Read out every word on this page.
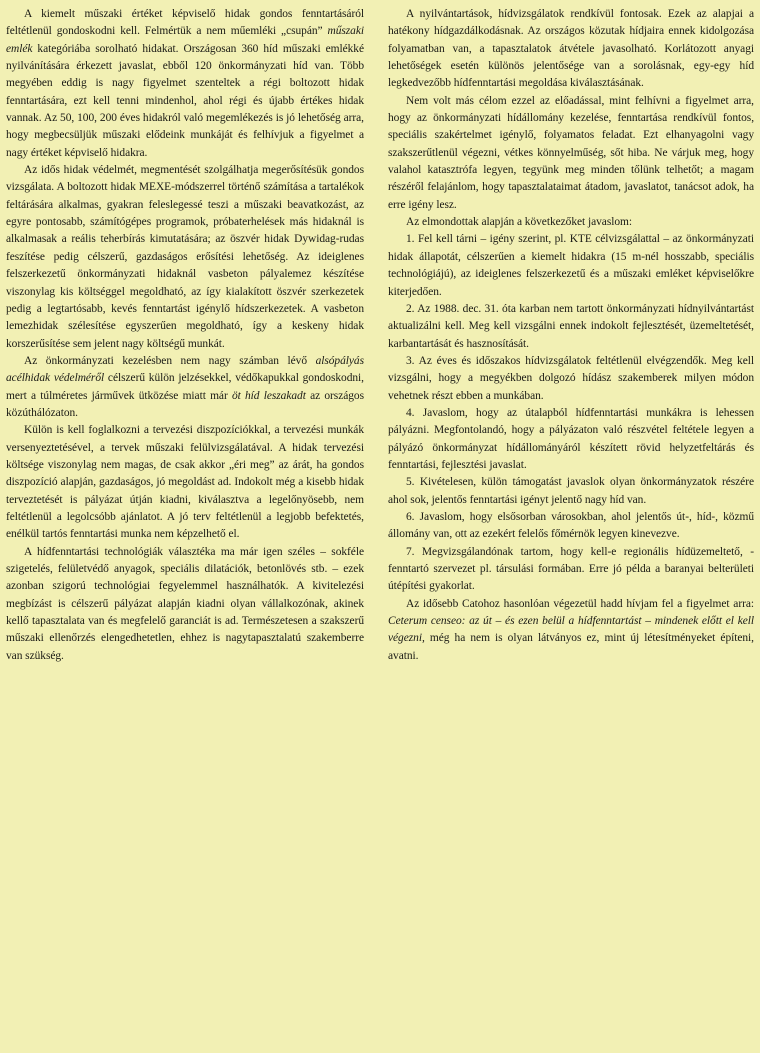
A kiemelt műszaki értéket képviselő hidak gondos fenntartásáról feltétlenül gondoskodni kell. Felmértük a nem műemléki „csupán” műszaki emlék kategóriába sorolható hidakat. Országosan 360 híd műszaki emlékké nyilvánítására érkezett javaslat, ebből 120 önkormányzati híd van. Több megyében eddig is nagy figyelmet szenteltek a régi boltozott hidak fenntartására, ezt kell tenni mindenhol, ahol régi és újabb értékes hidak vannak. Az 50, 100, 200 éves hidakról való megemlékezés is jó lehetőség arra, hogy megbecsüljük műszaki elődeink munkáját és felhívjuk a figyelmet a nagy értéket képviselő hidakra.

Az idős hidak védelmét, megmentését szolgálhatja megerősítésük gondos vizsgálata. A boltozott hidak MEXE-módszerrel történő számítása a tartalékok feltárására alkalmas, gyakran feleslegessé teszi a műszaki beavatkozást, az egyre pontosabb, számítógépes programok, próbaterhelések más hidaknál is alkalmasak a reális teherbírás kimutatására; az öszvér hidak Dywidag-rudas feszítése pedig célszerű, gazdaságos erősítési lehetőség. Az ideiglenes felszerkezetű önkormányzati hidaknál vasbeton pályalemez készítése viszonylag kis költséggel megoldható, az így kialakított öszvér szerkezetek pedig a legtartósabb, kevés fenntartást igénylő hídszerkezetek. A vasbeton lemezhidak szélesítése egyszerűen megoldható, így a keskeny hidak korszerűsítése sem jelent nagy költségű munkát.

Az önkormányzati kezelésben nem nagy számban lévő alsópályás acélhidak védelméről célszerű külön jelzésekkel, védőkapukkal gondoskodni, mert a túlméretes járművek ütközése miatt már öt híd leszakadt az országos közúthálózaton.

Külön is kell foglalkozni a tervezési diszpozíciókkal, a tervezési munkák versenyeztetésével, a tervek műszaki felülvizsgálatával. A hidak tervezési költsége viszonylag nem magas, de csak akkor „éri meg” az árát, ha gondos diszpozíció alapján, gazdaságos, jó megoldást ad. Indokolt még a kisebb hidak terveztetését is pályázat útján kiadni, kiválasztva a legelőnyösebb, nem feltétlenül a legolcsóbb ajánlatot. A jó terv feltétlenül a legjobb befektetés, enélkül tartós fenntartási munka nem képzelhető el.

A hídfenntartási technológiák választéka ma már igen széles – sokféle szigetelés, felületvédő anyagok, speciális dilatációk, betonlövés stb. – ezek azonban szigorú technológiai fegyelemmel használhatók. A kivitelezési megbízást is célszerű pályázat alapján kiadni olyan vállalkozónak, akinek kellő tapasztalata van és megfelelő garanciát is ad. Természetesen a szakszerű műszaki ellenőrzés elengedhetetlen, ehhez is nagytapasztalatú szakemberre van szükség.

A nyilvántartások, hídvizsgálatok rendkívül fontosak. Ezek az alapjai a hatékony hídgazdálkodásnak. Az országos közutak hídjaira ennek kidolgozása folyamatban van, a tapasztalatok átvétele javasolható. Korlátozott anyagi lehetőségek esetén különös jelentősége van a sorolásnak, egy-egy híd legkedvezőbb hídfenntartási megoldása kiválasztásának.

Nem volt más célom ezzel az előadással, mint felhívni a figyelmet arra, hogy az önkormányzati hídállomány kezelése, fenntartása rendkívül fontos, speciális szakértelmet igénylő, folyamatos feladat. Ezt elhanyagolni vagy szakszerűtlenül végezni, vétkes könnyelműség, sőt hiba. Ne várjuk meg, hogy valahol katasztrófa legyen, tegyünk meg minden tőlünk telhetőt; a magam részéről felajánlom, hogy tapasztalataimat átadom, javaslatot, tanácsot adok, ha erre igény lesz.

Az elmondottak alapján a következőket javaslom:

1. Fel kell tárni – igény szerint, pl. KTE célvizsgálattal – az önkormányzati hidak állapotát, célszerűen a kiemelt hidakra (15 m-nél hosszabb, speciális technológiájú), az ideiglenes felszerkezetű és a műszaki emléket képviselőkre kiterjedően.

2. Az 1988. dec. 31. óta karban nem tartott önkormányzati hídnyilvántartást aktualizálni kell. Meg kell vizsgálni ennek indokolt fejlesztését, üzemeltetését, karbantartását és hasznosítását.

3. Az éves és időszakos hídvizsgálatok feltétlenül elvégzendők. Meg kell vizsgálni, hogy a megyékben dolgozó hídász szakemberek milyen módon vehetnek részt ebben a munkában.

4. Javaslom, hogy az útalapból hídfenntartási munkákra is lehessen pályázni. Megfontolandó, hogy a pályázaton való részvétel feltétele legyen a pályázó önkormányzat hídállományáról készített rövid helyzetfeltárás és fenntartási, fejlesztési javaslat.

5. Kivételesen, külön támogatást javaslok olyan önkormányzatok részére ahol sok, jelentős fenntartási igényt jelentő nagy híd van.

6. Javaslom, hogy elsősorban városokban, ahol jelentős út-, híd-, közmű állomány van, ott az ezekért felelős főmérnök legyen kinevezve.

7. Megvizsgálandónak tartom, hogy kell-e regionális hídüzemeltető, -fenntartó szervezet pl. társulási formában. Erre jó példa a baranyai belterületi útépítési gyakorlat.

Az idősebb Catohoz hasonlóan végezetül hadd hívjam fel a figyelmet arra: Ceterum censeo: az út – és ezen belül a hídfenntartást – mindenek előtt el kell végezni, még ha nem is olyan látványos ez, mint új létesítményeket építeni, avatni.
